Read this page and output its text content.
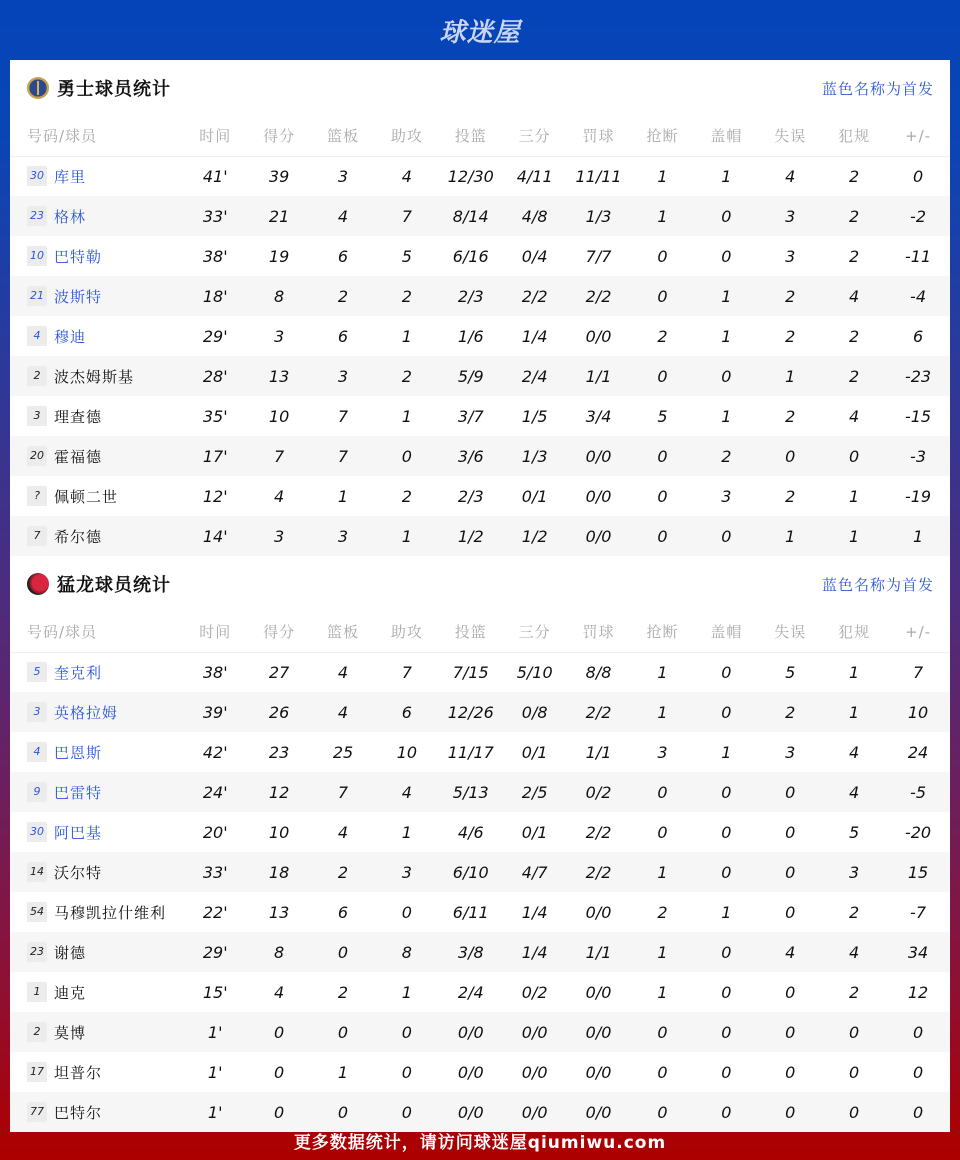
球迷屋
勇士球员统计	蓝色名称为首发
号码/球员	时间	得分	篮板	助攻	投篮	三分	罚球	抢断	盖帽	失误	犯规	+/-
30 库里	41'	39	3	4	12/30	4/11	11/11	1	1	4	2	0
23 格林	33'	21	4	7	8/14	4/8	1/3	1	0	3	2	-2
10 巴特勒	38'	19	6	5	6/16	0/4	7/7	0	0	3	2	-11
21 波斯特	18'	8	2	2	2/3	2/2	2/2	0	1	2	4	-4
4 穆迪	29'	3	6	1	1/6	1/4	0/0	2	1	2	2	6
2 波杰姆斯基	28'	13	3	2	5/9	2/4	1/1	0	0	1	2	-23
3 理查德	35'	10	7	1	3/7	1/5	3/4	5	1	2	4	-15
20 霍福德	17'	7	7	0	3/6	1/3	0/0	0	2	0	0	-3
? 佩顿二世	12'	4	1	2	2/3	0/1	0/0	0	3	2	1	-19
7 希尔德	14'	3	3	1	1/2	1/2	0/0	0	0	1	1	1
猛龙球员统计	蓝色名称为首发
号码/球员	时间	得分	篮板	助攻	投篮	三分	罚球	抢断	盖帽	失误	犯规	+/-
5 奎克利	38'	27	4	7	7/15	5/10	8/8	1	0	5	1	7
3 英格拉姆	39'	26	4	6	12/26	0/8	2/2	1	0	2	1	10
4 巴恩斯	42'	23	25	10	11/17	0/1	1/1	3	1	3	4	24
9 巴雷特	24'	12	7	4	5/13	2/5	0/2	0	0	0	4	-5
30 阿巴基	20'	10	4	1	4/6	0/1	2/2	0	0	0	5	-20
14 沃尔特	33'	18	2	3	6/10	4/7	2/2	1	0	0	3	15
54 马穆凯拉什维利	22'	13	6	0	6/11	1/4	0/0	2	1	0	2	-7
23 谢德	29'	8	0	8	3/8	1/4	1/1	1	0	4	4	34
1 迪克	15'	4	2	1	2/4	0/2	0/0	1	0	0	2	12
2 莫博	1'	0	0	0	0/0	0/0	0/0	0	0	0	0	0
17 坦普尔	1'	0	1	0	0/0	0/0	0/0	0	0	0	0	0
77 巴特尔	1'	0	0	0	0/0	0/0	0/0	0	0	0	0	0
更多数据统计，请访问球迷屋qiumiwu.com
